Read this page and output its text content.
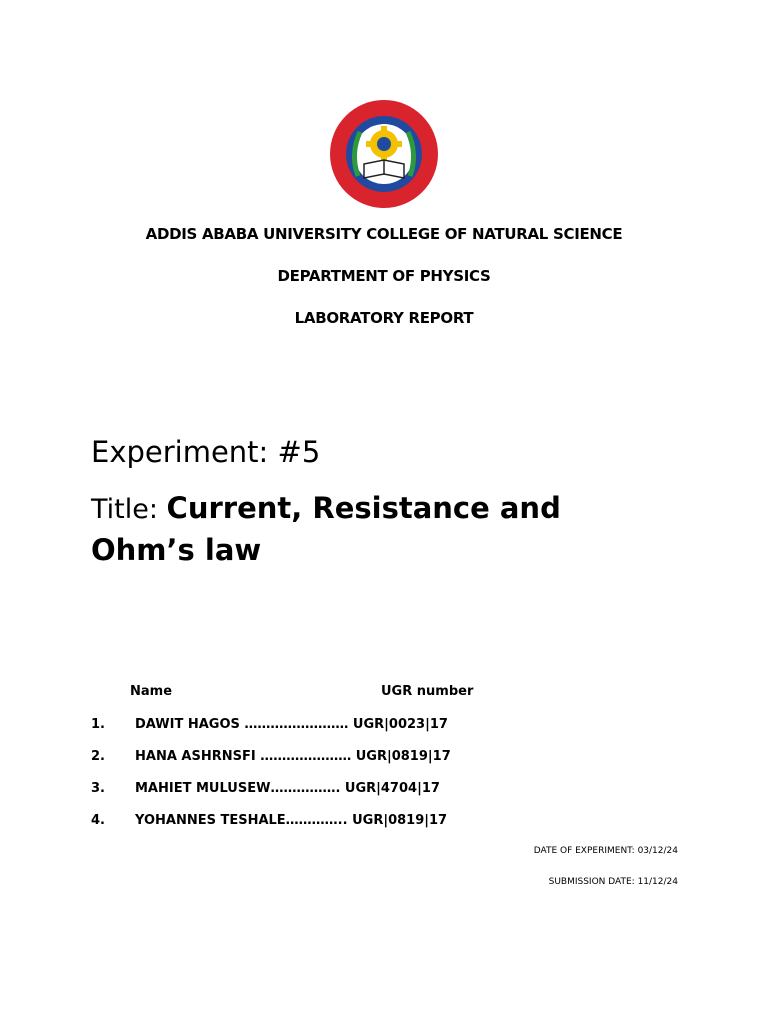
ADDIS ABABA UNIVERSITY COLLEGE OF NATURAL SCIENCE
DEPARTMENT OF PHYSICS
LABORATORY REPORT
Experiment: #5
Title: Current, Resistance and Ohm’s law
Name	UGR number
1. DAWIT HAGOS …………………… UGR|0023|17
2. HANA ASHRNSFI ………………… UGR|0819|17
3. MAHIET MULUSEW……………. UGR|4704|17
4. YOHANNES TESHALE………….. UGR|0819|17
DATE OF EXPERIMENT: 03/12/24
SUBMISSION DATE: 11/12/24
